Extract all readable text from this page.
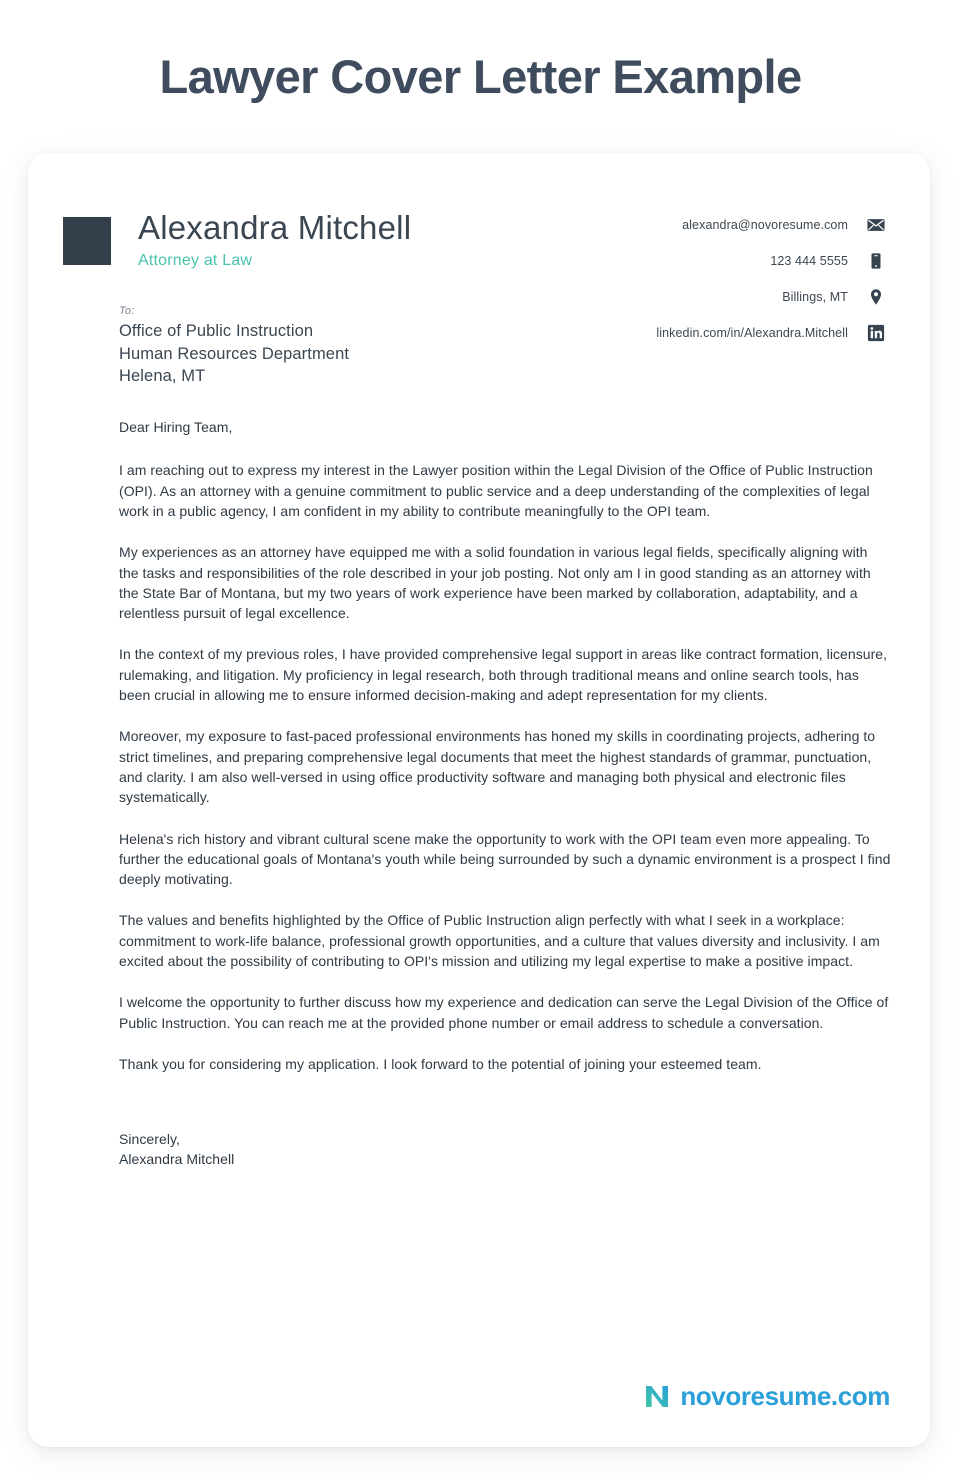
Lawyer Cover Letter Example
Alexandra Mitchell
Attorney at Law
To:
Office of Public Instruction
Human Resources Department
Helena, MT
alexandra@novoresume.com
123 444 5555
Billings, MT
linkedin.com/in/Alexandra.Mitchell
Dear Hiring Team,

I am reaching out to express my interest in the Lawyer position within the Legal Division of the Office of Public Instruction (OPI). As an attorney with a genuine commitment to public service and a deep understanding of the complexities of legal work in a public agency, I am confident in my ability to contribute meaningfully to the OPI team.

My experiences as an attorney have equipped me with a solid foundation in various legal fields, specifically aligning with the tasks and responsibilities of the role described in your job posting. Not only am I in good standing as an attorney with the State Bar of Montana, but my two years of work experience have been marked by collaboration, adaptability, and a relentless pursuit of legal excellence.

In the context of my previous roles, I have provided comprehensive legal support in areas like contract formation, licensure, rulemaking, and litigation. My proficiency in legal research, both through traditional means and online search tools, has been crucial in allowing me to ensure informed decision-making and adept representation for my clients.

Moreover, my exposure to fast-paced professional environments has honed my skills in coordinating projects, adhering to strict timelines, and preparing comprehensive legal documents that meet the highest standards of grammar, punctuation, and clarity. I am also well-versed in using office productivity software and managing both physical and electronic files systematically.

Helena's rich history and vibrant cultural scene make the opportunity to work with the OPI team even more appealing. To further the educational goals of Montana's youth while being surrounded by such a dynamic environment is a prospect I find deeply motivating.

The values and benefits highlighted by the Office of Public Instruction align perfectly with what I seek in a workplace: commitment to work-life balance, professional growth opportunities, and a culture that values diversity and inclusivity. I am excited about the possibility of contributing to OPI's mission and utilizing my legal expertise to make a positive impact.

I welcome the opportunity to further discuss how my experience and dedication can serve the Legal Division of the Office of Public Instruction. You can reach me at the provided phone number or email address to schedule a conversation.

Thank you for considering my application. I look forward to the potential of joining your esteemed team.

Sincerely,
Alexandra Mitchell
novoresume.com
